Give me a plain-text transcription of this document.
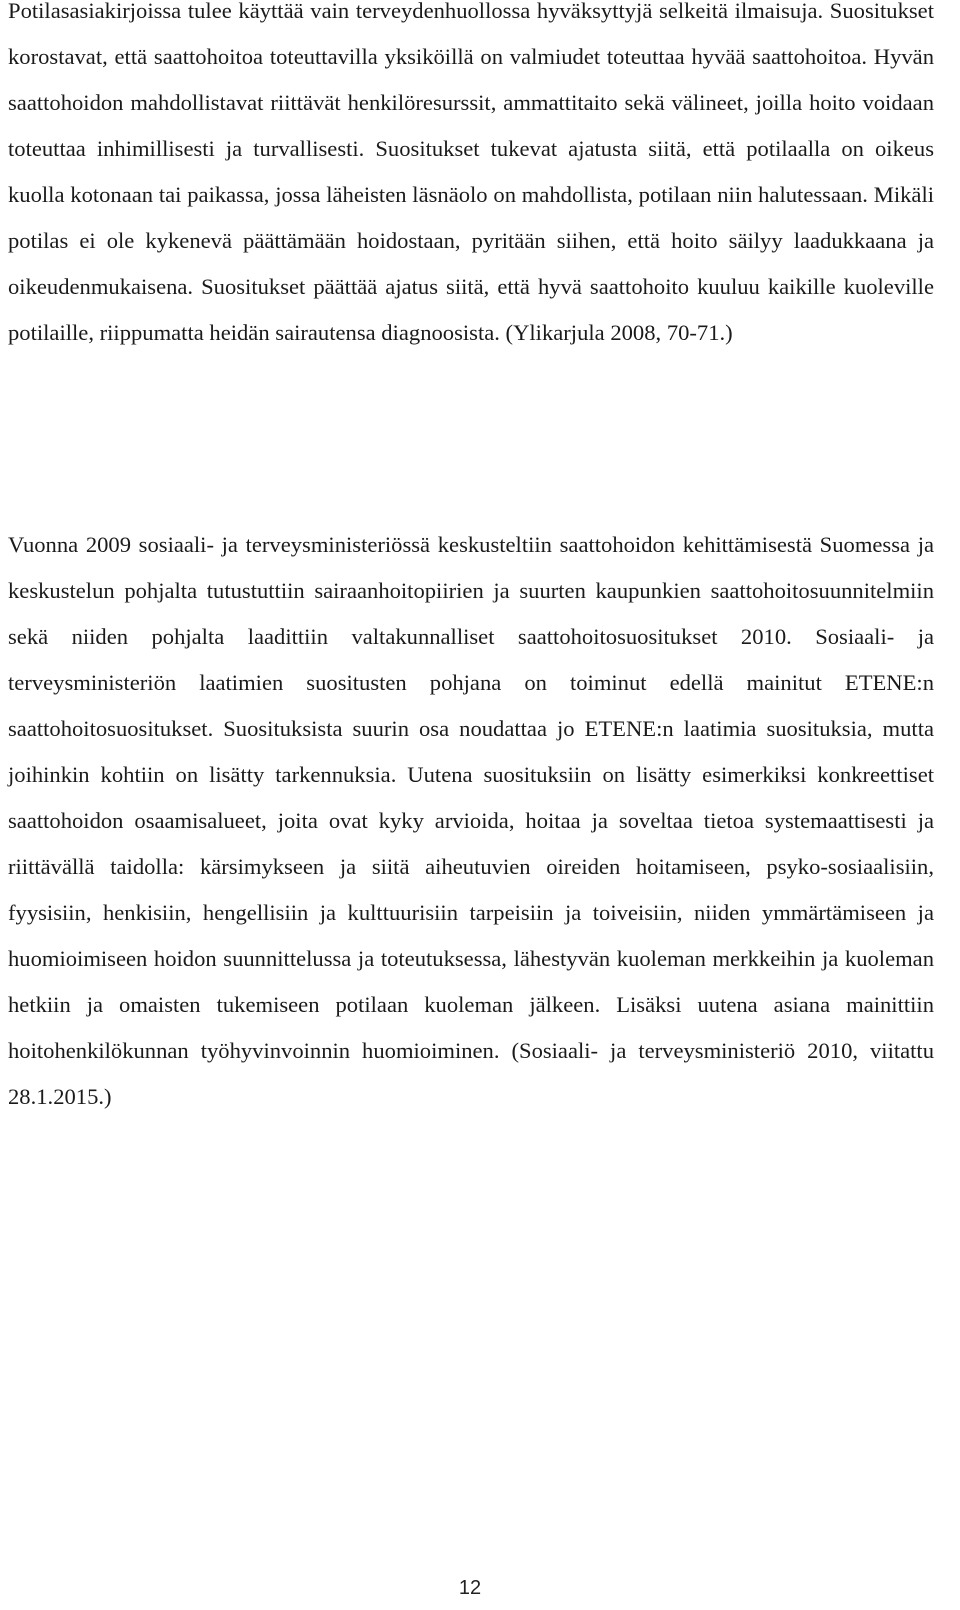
Potilasasiakirjoissa tulee käyttää vain terveydenhuollossa hyväksyttyjä selkeitä ilmaisuja. Suositukset korostavat, että saattohoitoa toteuttavilla yksiköillä on valmiudet toteuttaa hyvää saattohoitoa. Hyvän saattohoidon mahdollistavat riittävät henkilöresurssit, ammattitaito sekä välineet, joilla hoito voidaan toteuttaa inhimillisesti ja turvallisesti. Suositukset tukevat ajatusta siitä, että potilaalla on oikeus kuolla kotonaan tai paikassa, jossa läheisten läsnäolo on mahdollista, potilaan niin halutessaan. Mikäli potilas ei ole kykenevä päättämään hoidostaan, pyritään siihen, että hoito säilyy laadukkaana ja oikeudenmukaisena. Suositukset päättää ajatus siitä, että hyvä saattohoito kuuluu kaikille kuoleville potilaille, riippumatta heidän sairautensa diagnoosista. (Ylikarjula 2008, 70-71.)

Vuonna 2009 sosiaali- ja terveysministeriössä keskusteltiin saattohoidon kehittämisestä Suomessa ja keskustelun pohjalta tutustuttiin sairaanhoitopiirien ja suurten kaupunkien saattohoitosuunnitelmiin sekä niiden pohjalta laadittiin valtakunnalliset saattohoitosuositukset 2010. Sosiaali- ja terveysministeriön laatimien suositusten pohjana on toiminut edellä mainitut ETENE:n saattohoitosuositukset. Suosituksista suurin osa noudattaa jo ETENE:n laatimia suosituksia, mutta joihinkin kohtiin on lisätty tarkennuksia. Uutena suosituksiin on lisätty esimerkiksi konkreettiset saattohoidon osaamisalueet, joita ovat kyky arvioida, hoitaa ja soveltaa tietoa systemaattisesti ja riittävällä taidolla: kärsimykseen ja siitä aiheutuvien oireiden hoitamiseen, psyko-sosiaalisiin, fyysisiin, henkisiin, hengellisiin ja kulttuurisiin tarpeisiin ja toiveisiin, niiden ymmärtämiseen ja huomioimiseen hoidon suunnittelussa ja toteutuksessa, lähestyvän kuoleman merkkeihin ja kuoleman hetkiin ja omaisten tukemiseen potilaan kuoleman jälkeen. Lisäksi uutena asiana mainittiin hoitohenkilökunnan työhyvinvoinnin huomioiminen. (Sosiaali- ja terveysministeriö 2010, viitattu 28.1.2015.)

12
